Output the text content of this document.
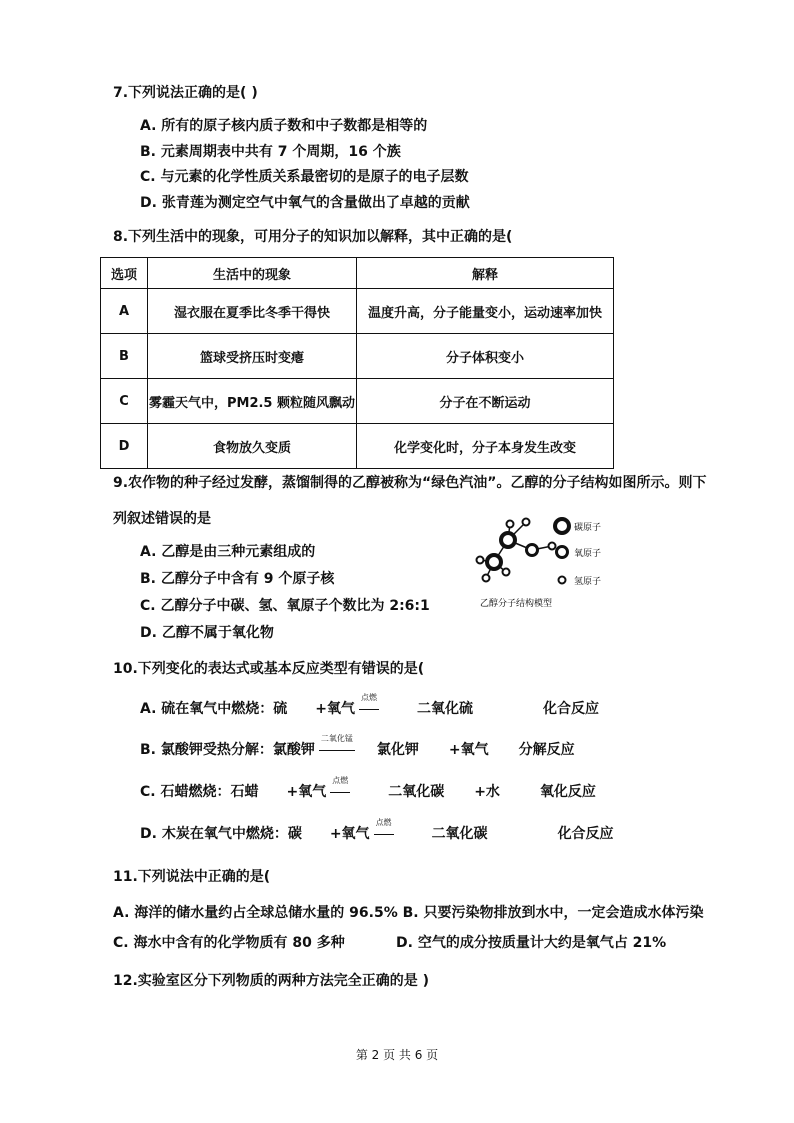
7.下列说法正确的是( )
A. 所有的原子核内质子数和中子数都是相等的
B. 元素周期表中共有 7 个周期，16 个族
C. 与元素的化学性质关系最密切的是原子的电子层数
D. 张青莲为测定空气中氧气的含量做出了卓越的贡献
8.下列生活中的现象，可用分子的知识加以解释，其中正确的是(
选项	生活中的现象	解释
A	湿衣服在夏季比冬季干得快	温度升高，分子能量变小，运动速率加快
B	篮球受挤压时变瘪	分子体积变小
C	雾霾天气中，PM2.5 颗粒随风飘动	分子在不断运动
D	食物放久变质	化学变化时，分子本身发生改变
9.农作物的种子经过发酵，蒸馏制得的乙醇被称为“绿色汽油”。乙醇的分子结构如图所示。则下
列叙述错误的是
A. 乙醇是由三种元素组成的
B. 乙醇分子中含有 9 个原子核
C. 乙醇分子中碳、氢、氧原子个数比为 2:6:1
D. 乙醇不属于氧化物
碳原子
氧原子
氢原子
乙醇分子结构模型
10.下列变化的表达式或基本反应类型有错误的是(
A. 硫在氧气中燃烧：硫 +氧气
点燃
二氧化硫	化合反应
B. 氯酸钾受热分解：氯酸钾
二氧化锰
氯化钾 +氧气 分解反应
C. 石蜡燃烧：石蜡 +氧气
点燃
二氧化碳 +水	氧化反应
D. 木炭在氧气中燃烧：碳 +氧气
点燃
二氧化碳	化合反应
11.下列说法中正确的是(
A. 海洋的储水量约占全球总储水量的 96.5% B. 只要污染物排放到水中，一定会造成水体污染
C. 海水中含有的化学物质有 80 多种	D. 空气的成分按质量计大约是氧气占 21%
12.实验室区分下列物质的两种方法完全正确的是 )
第 2 页 共 6 页
